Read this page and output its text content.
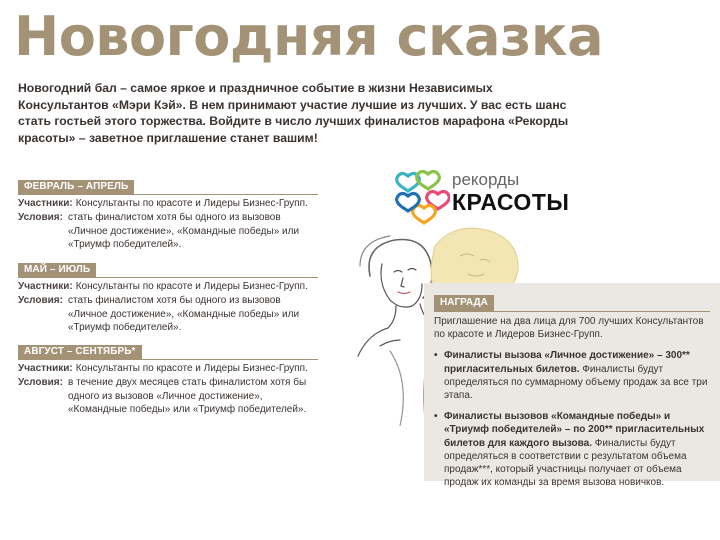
Новогодняя сказка
Новогодний бал – самое яркое и праздничное событие в жизни Независимых Консультантов «Мэри Кэй». В нем принимают участие лучшие из лучших. У вас есть шанс стать гостьей этого торжества. Войдите в число лучших финалистов марафона «Рекорды красоты» – заветное приглашение станет вашим!
ФЕВРАЛЬ – АПРЕЛЬ
Участники: Консультанты по красоте и Лидеры Бизнес-Групп.
Условия: стать финалистом хотя бы одного из вызовов «Личное достижение», «Командные победы» или «Триумф победителей».
МАЙ – ИЮЛЬ
Участники: Консультанты по красоте и Лидеры Бизнес-Групп.
Условия: стать финалистом хотя бы одного из вызовов «Личное достижение», «Командные победы» или «Триумф победителей».
АВГУСТ – СЕНТЯБРЬ*
Участники: Консультанты по красоте и Лидеры Бизнес-Групп.
Условия: в течение двух месяцев стать финалистом хотя бы одного из вызовов «Личное достижение», «Командные победы» или «Триумф победителей».
рекорды
КРАСОТЫ
НАГРАДА

Приглашение на два лица для 700 лучших Консультантов по красоте и Лидеров Бизнес-Групп.

• Финалисты вызова «Личное достижение» – 300** пригласительных билетов. Финалисты будут определяться по суммарному объему продаж за все три этапа.
• Финалисты вызовов «Командные победы» и «Триумф победителей» – по 200** пригласительных билетов для каждого вызова. Финалисты будут определяться в соответствии с результатом объема продаж***, который участницы получает от объема продаж их команды за время вызова новичков.
